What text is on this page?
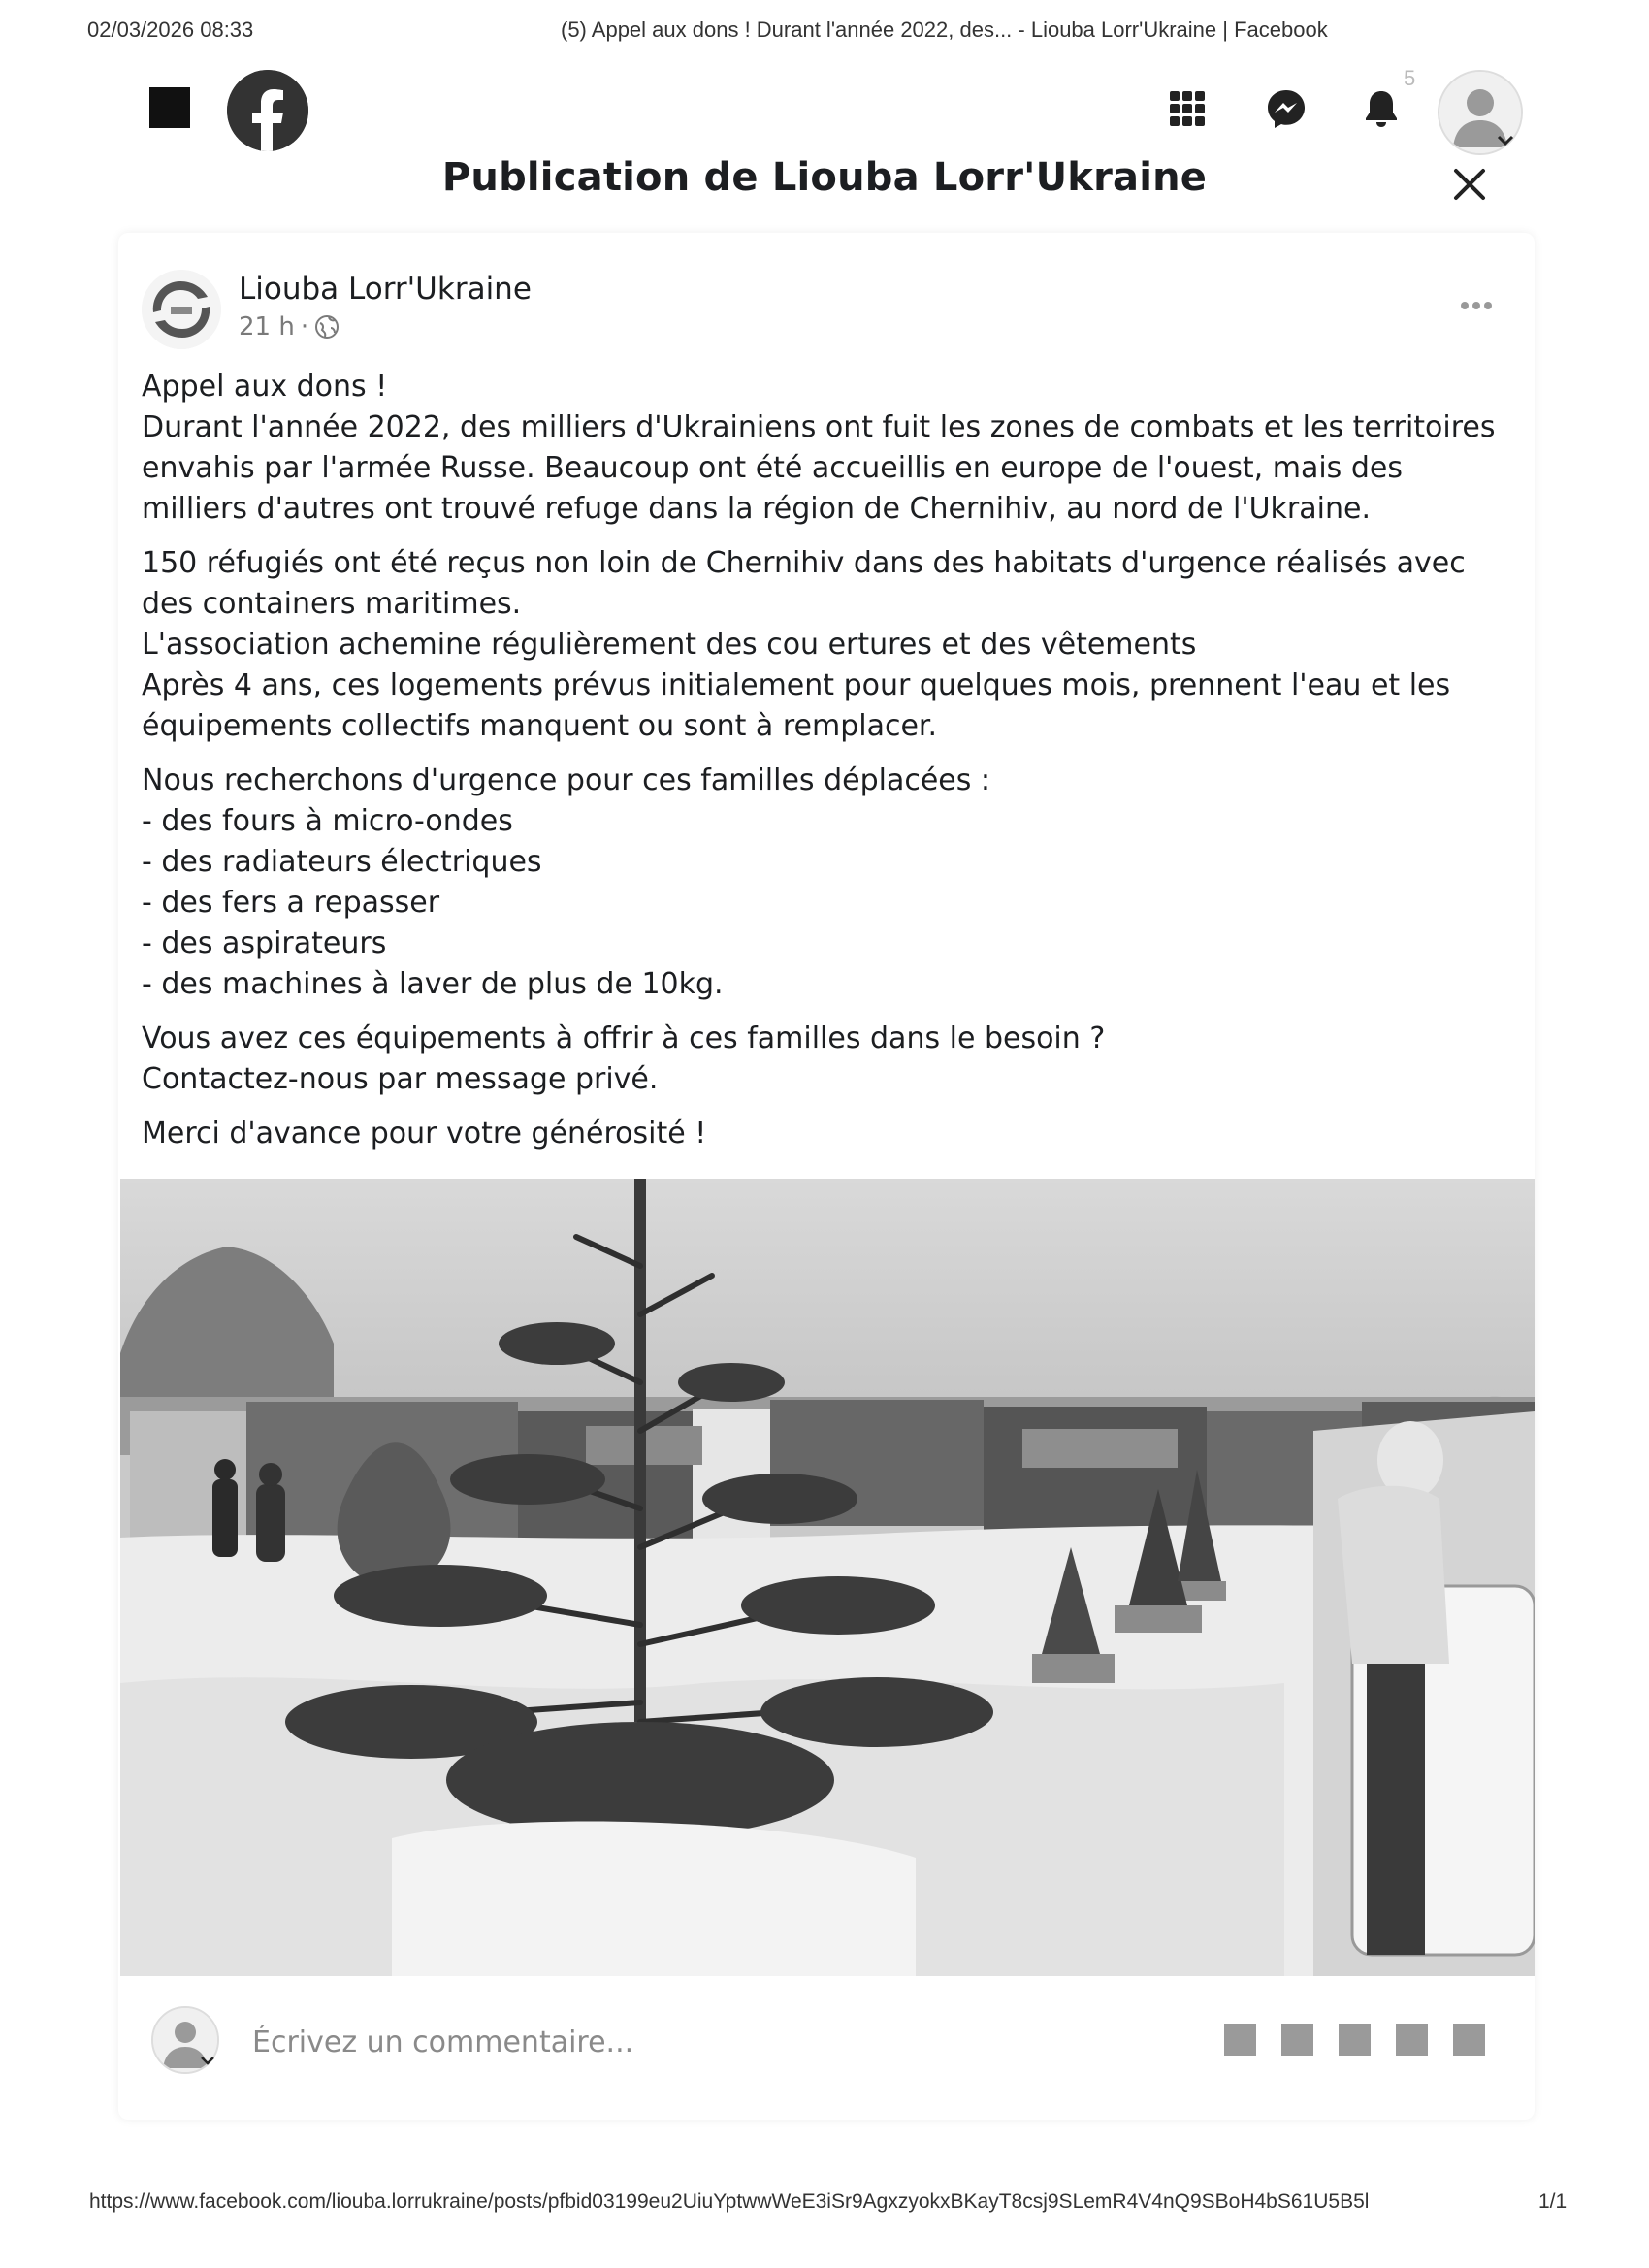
02/03/2026 08:33	(5) Appel aux dons ! Durant l'année 2022, des... - Liouba Lorr'Ukraine | Facebook
5
Publication de Liouba Lorr'Ukraine
Liouba Lorr'Ukraine
21 h ·

Appel aux dons !
Durant l'année 2022, des milliers d'Ukrainiens ont fuit les zones de combats et les territoires envahis par l'armée Russe. Beaucoup ont été accueillis en europe de l'ouest, mais des milliers d'autres ont trouvé refuge dans la région de Chernihiv, au nord de l'Ukraine.

150 réfugiés ont été reçus non loin de Chernihiv dans des habitats d'urgence réalisés avec des containers maritimes.
L'association achemine régulièrement des cou ertures et des vêtements
Après 4 ans, ces logements prévus initialement pour quelques mois, prennent l'eau et les équipements collectifs manquent ou sont à remplacer.

Nous recherchons d'urgence pour ces familles déplacées :
- des fours à micro-ondes
- des radiateurs électriques
- des fers a repasser
- des aspirateurs
- des machines à laver de plus de 10kg.

Vous avez ces équipements à offrir à ces familles dans le besoin ?
Contactez-nous par message privé.

Merci d'avance pour votre générosité !

Écrivez un commentaire...
https://www.facebook.com/liouba.lorrukraine/posts/pfbid03199eu2UiuYptwwWeE3iSr9AgxzyokxBKayT8csj9SLemR4V4nQ9SBoH4bS61U5B5l	1/1
